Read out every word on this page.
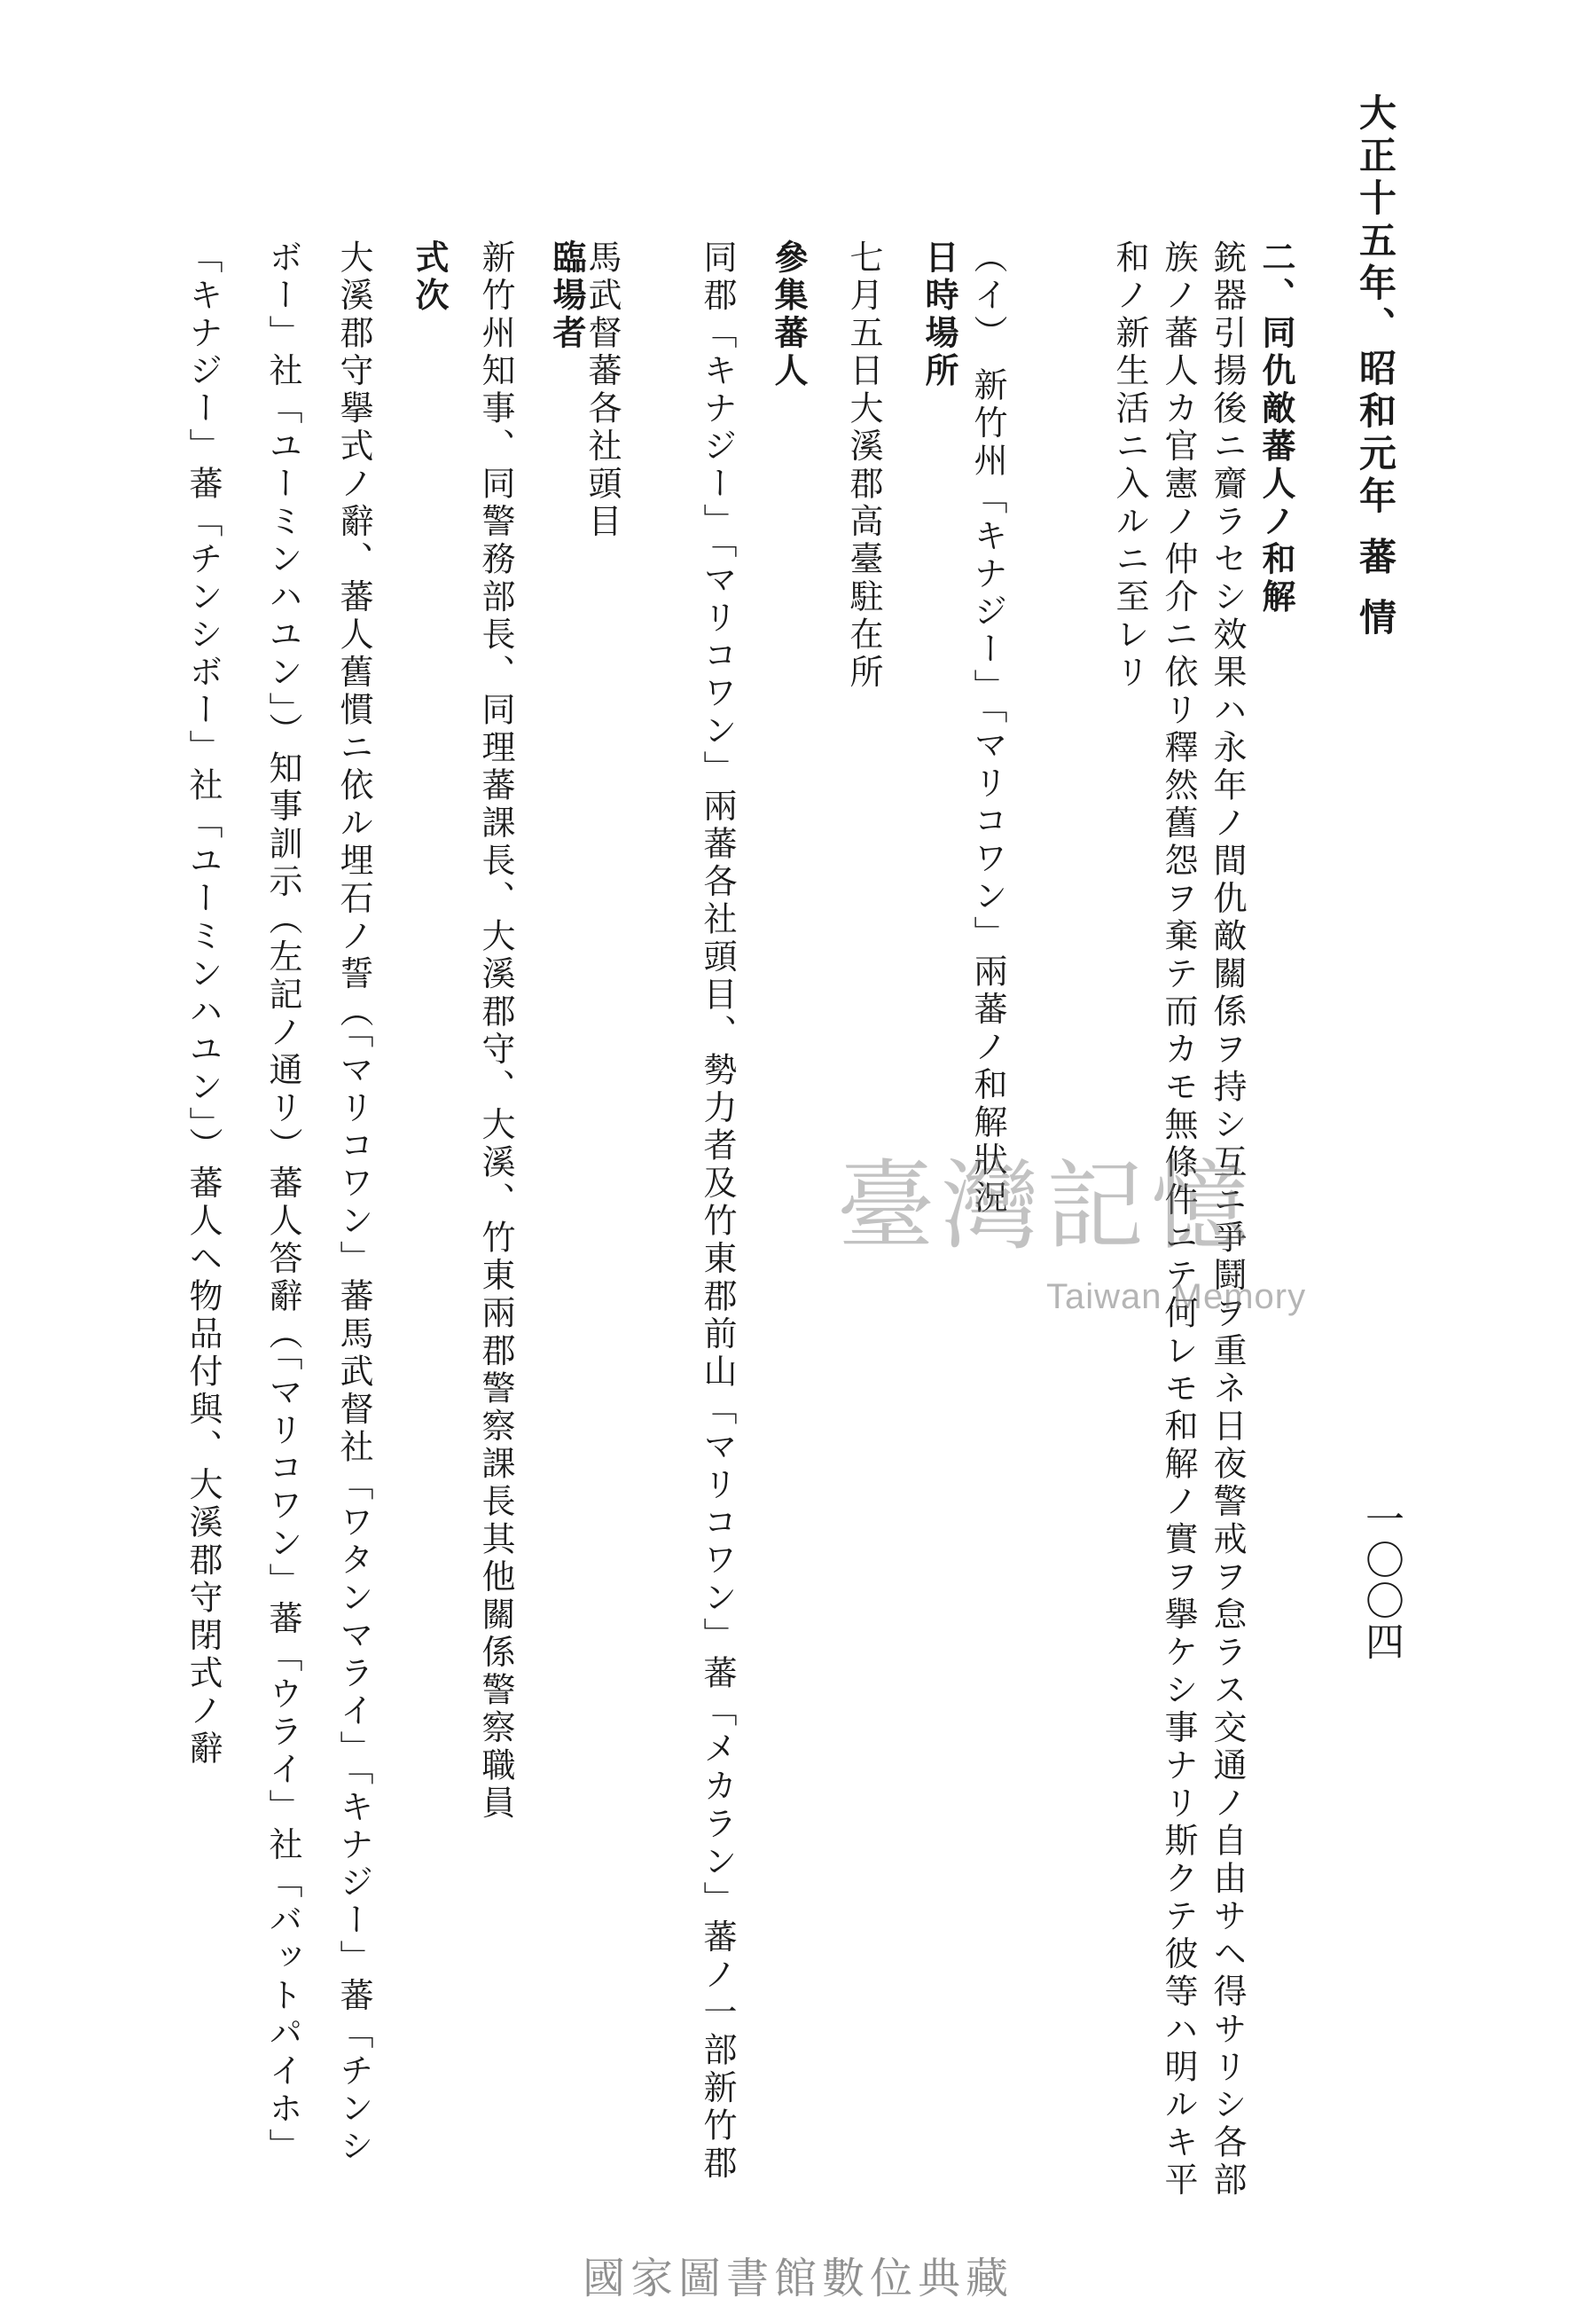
大正十五年、昭和元年 蕃 情
一〇〇四
二、同仇敵蕃人ノ和解
銃器引揚後ニ齎ラセシ效果ハ永年ノ間仇敵關係ヲ持シ互ニ爭鬪ヲ重ネ日夜警戒ヲ怠ラス交通ノ自由サヘ得サリシ各部
族ノ蕃人カ官憲ノ仲介ニ依リ釋然舊怨ヲ棄テ而カモ無條件ニテ何レモ和解ノ實ヲ擧ケシ事ナリ斯クテ彼等ハ明ルキ平
和ノ新生活ニ入ルニ至レリ
（イ） 新竹州「キナジー」「マリコワン」兩蕃ノ和解狀況
日時場所
七月五日大溪郡高臺駐在所
參集蕃人
同郡「キナジー」「マリコワン」兩蕃各社頭目、勢力者及竹東郡前山「マリコワン」蕃「メカラン」蕃ノ一部新竹郡
馬武督蕃各社頭目
臨場者
新竹州知事、同警務部長、同理蕃課長、大溪郡守、大溪、竹東兩郡警察課長其他關係警察職員
式次
大溪郡守擧式ノ辭、蕃人舊慣ニ依ル埋石ノ誓（「マリコワン」蕃馬武督社「ワタンマライ」「キナジー」蕃「チンシ
ボー」社「ユーミンハユン」）知事訓示（左記ノ通リ）蕃人答辭（「マリコワン」蕃「ウライ」社「バットパイホ」
「キナジー」蕃「チンシボー」社「ユーミンハユン」）蕃人ヘ物品付與、大溪郡守閉式ノ辭	臺灣記憶
Taiwan Memory
國家圖書館數位典藏
